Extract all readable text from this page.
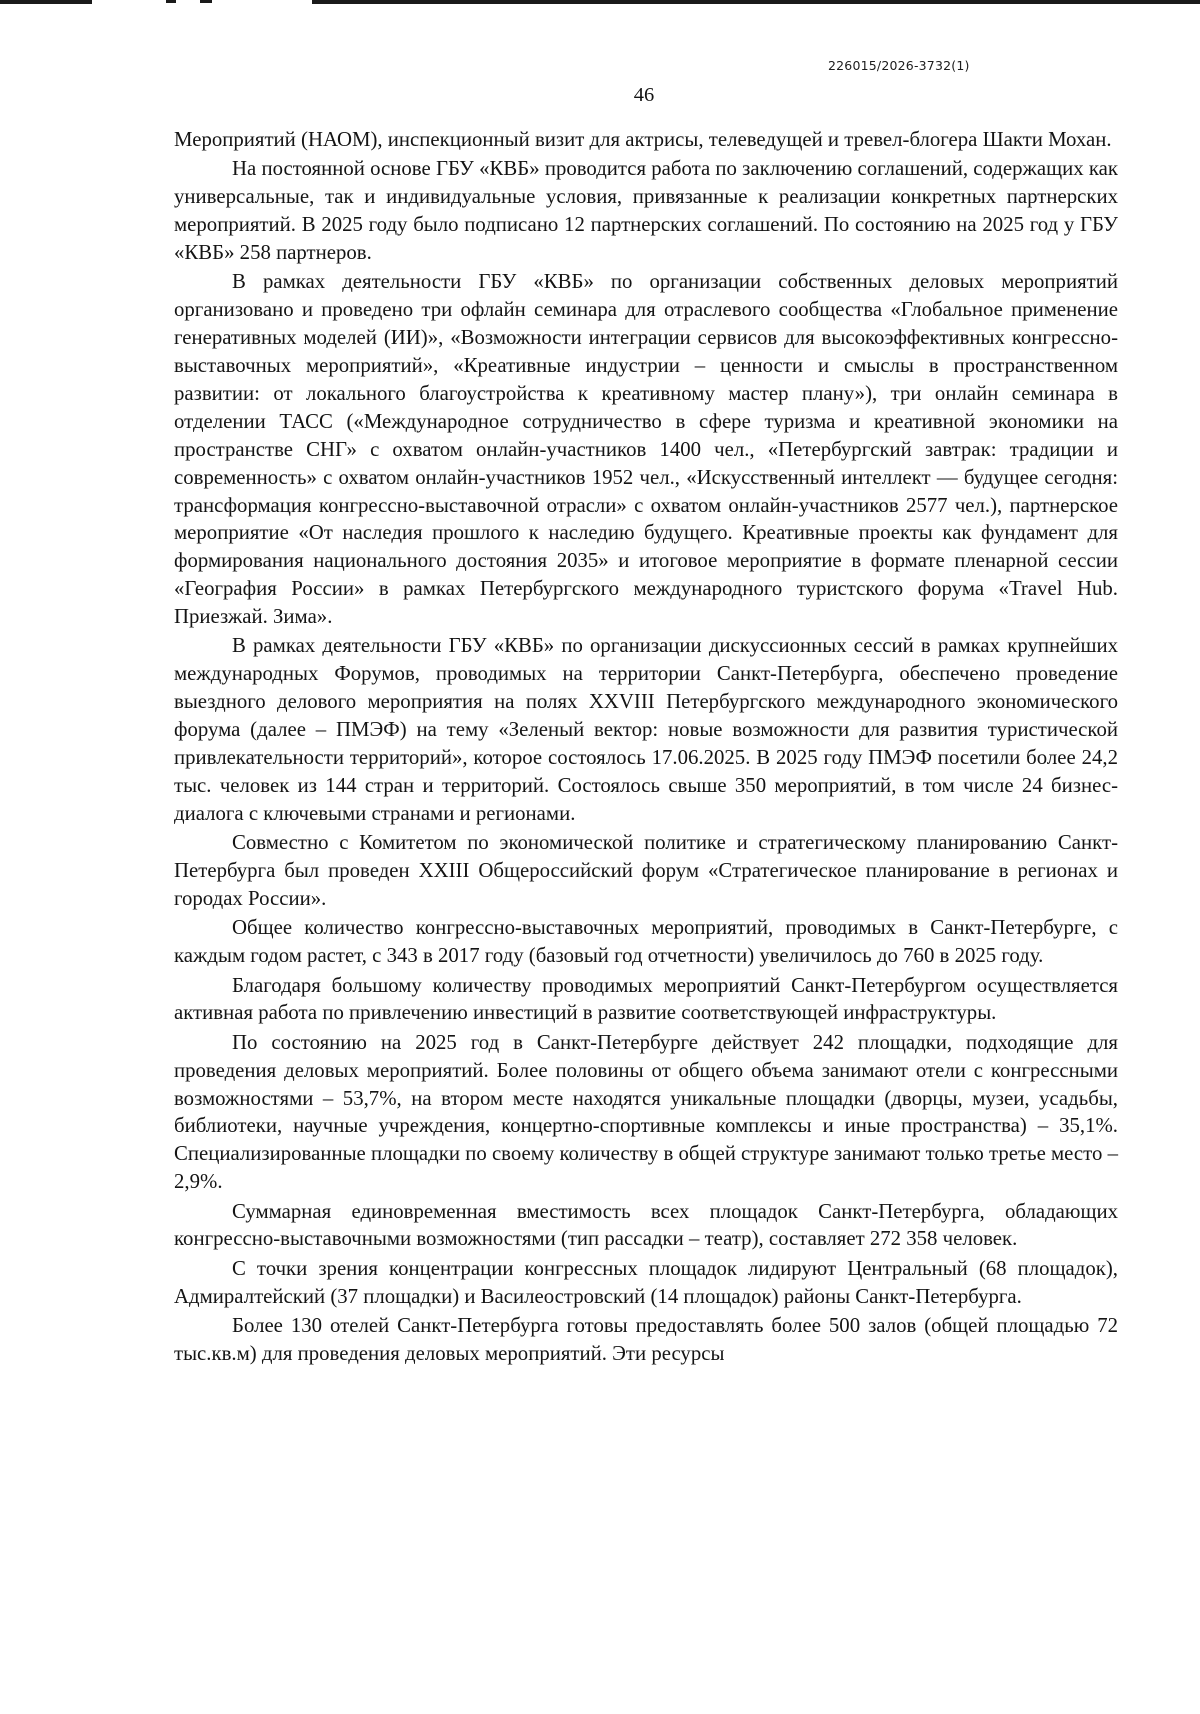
226015/2026-3732(1)
46

Мероприятий (НАОМ), инспекционный визит для актрисы, телеведущей и тревел-блогера Шакти Мохан.

На постоянной основе ГБУ «КВБ» проводится работа по заключению соглашений, содержащих как универсальные, так и индивидуальные условия, привязанные к реализации конкретных партнерских мероприятий. В 2025 году было подписано 12 партнерских соглашений. По состоянию на 2025 год у ГБУ «КВБ» 258 партнеров.

В рамках деятельности ГБУ «КВБ» по организации собственных деловых мероприятий организовано и проведено три офлайн семинара для отраслевого сообщества «Глобальное применение генеративных моделей (ИИ)», «Возможности интеграции сервисов для высокоэффективных конгрессно-выставочных мероприятий», «Креативные индустрии – ценности и смыслы в пространственном развитии: от локального благоустройства к креативному мастер плану»), три онлайн семинара в отделении ТАСС («Международное сотрудничество в сфере туризма и креативной экономики на пространстве СНГ» с охватом онлайн-участников 1400 чел., «Петербургский завтрак: традиции и современность» с охватом онлайн-участников 1952 чел., «Искусственный интеллект — будущее сегодня: трансформация конгрессно-выставочной отрасли» с охватом онлайн-участников 2577 чел.), партнерское мероприятие «От наследия прошлого к наследию будущего. Креативные проекты как фундамент для формирования национального достояния 2035» и итоговое мероприятие в формате пленарной сессии «География России» в рамках Петербургского международного туристского форума «Travel Hub. Приезжай. Зима».

В рамках деятельности ГБУ «КВБ» по организации дискуссионных сессий в рамках крупнейших международных Форумов, проводимых на территории Санкт-Петербурга, обеспечено проведение выездного делового мероприятия на полях XXVIII Петербургского международного экономического форума (далее – ПМЭФ) на тему «Зеленый вектор: новые возможности для развития туристической привлекательности территорий», которое состоялось 17.06.2025. В 2025 году ПМЭФ посетили более 24,2 тыс. человек из 144 стран и территорий. Состоялось свыше 350 мероприятий, в том числе 24 бизнес-диалога с ключевыми странами и регионами.

Совместно с Комитетом по экономической политике и стратегическому планированию Санкт-Петербурга был проведен XXIII Общероссийский форум «Стратегическое планирование в регионах и городах России».

Общее количество конгрессно-выставочных мероприятий, проводимых в Санкт-Петербурге, с каждым годом растет, с 343 в 2017 году (базовый год отчетности) увеличилось до 760 в 2025 году.

Благодаря большому количеству проводимых мероприятий Санкт-Петербургом осуществляется активная работа по привлечению инвестиций в развитие соответствующей инфраструктуры.

По состоянию на 2025 год в Санкт-Петербурге действует 242 площадки, подходящие для проведения деловых мероприятий. Более половины от общего объема занимают отели с конгрессными возможностями – 53,7%, на втором месте находятся уникальные площадки (дворцы, музеи, усадьбы, библиотеки, научные учреждения, концертно-спортивные комплексы и иные пространства) – 35,1%. Специализированные площадки по своему количеству в общей структуре занимают только третье место – 2,9%.

Суммарная единовременная вместимость всех площадок Санкт-Петербурга, обладающих конгрессно-выставочными возможностями (тип рассадки – театр), составляет 272 358 человек.

С точки зрения концентрации конгрессных площадок лидируют Центральный (68 площадок), Адмиралтейский (37 площадки) и Василеостровский (14 площадок) районы Санкт-Петербурга.

Более 130 отелей Санкт-Петербурга готовы предоставлять более 500 залов (общей площадью 72 тыс.кв.м) для проведения деловых мероприятий. Эти ресурсы
